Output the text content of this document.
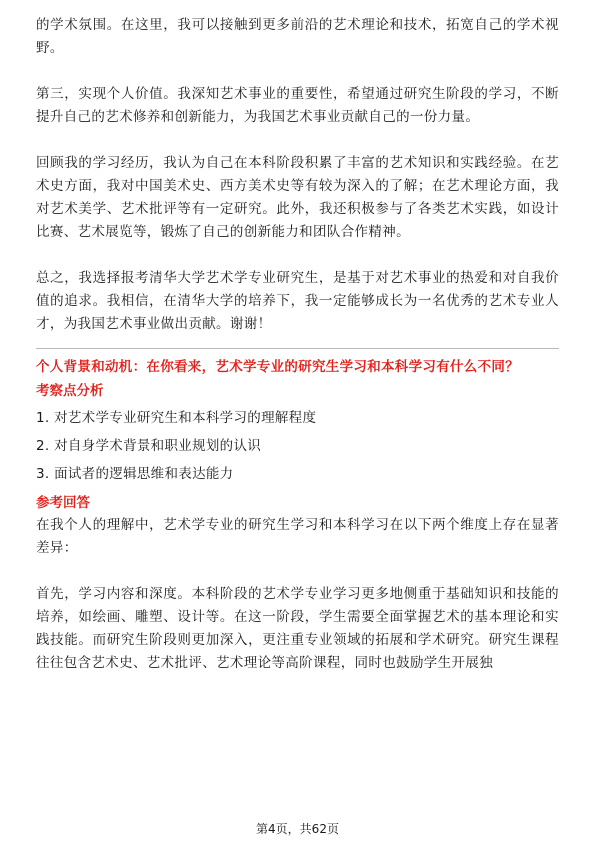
的学术氛围。在这里，我可以接触到更多前沿的艺术理论和技术，拓宽自己的学术视野。

第三，实现个人价值。我深知艺术事业的重要性，希望通过研究生阶段的学习，不断提升自己的艺术修养和创新能力，为我国艺术事业贡献自己的一份力量。

回顾我的学习经历，我认为自己在本科阶段积累了丰富的艺术知识和实践经验。在艺术史方面，我对中国美术史、西方美术史等有较为深入的了解；在艺术理论方面，我对艺术美学、艺术批评等有一定研究。此外，我还积极参与了各类艺术实践，如设计比赛、艺术展览等，锻炼了自己的创新能力和团队合作精神。

总之，我选择报考清华大学艺术学专业研究生，是基于对艺术事业的热爱和对自我价值的追求。我相信，在清华大学的培养下，我一定能够成长为一名优秀的艺术专业人才，为我国艺术事业做出贡献。谢谢！

个人背景和动机：在你看来，艺术学专业的研究生学习和本科学习有什么不同？
考察点分析
1. 对艺术学专业研究生和本科学习的理解程度
2. 对自身学术背景和职业规划的认识
3. 面试者的逻辑思维和表达能力
参考回答

在我个人的理解中，艺术学专业的研究生学习和本科学习在以下两个维度上存在显著差异：

首先，学习内容和深度。本科阶段的艺术学专业学习更多地侧重于基础知识和技能的培养，如绘画、雕塑、设计等。在这一阶段，学生需要全面掌握艺术的基本理论和实践技能。而研究生阶段则更加深入，更注重专业领域的拓展和学术研究。研究生课程往往包含艺术史、艺术批评、艺术理论等高阶课程，同时也鼓励学生开展独

第4页，共62页
